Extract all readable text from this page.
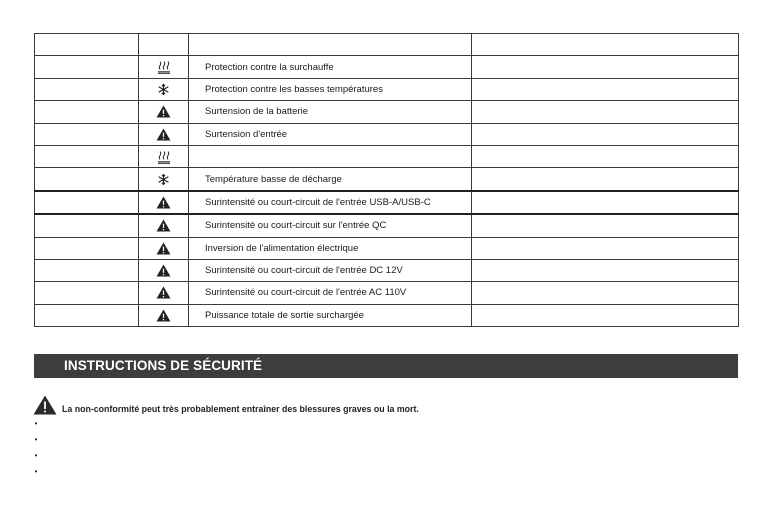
	Protection contre la surchauffe	

	Protection contre les basses températures	

	Surtension de la batterie	

	Surtension d'entrée	

	Température basse de décharge	

	Surintensité ou court-circuit de l'entrée USB-A/USB-C	

	Surintensité ou court-circuit sur l'entrée QC	

	Inversion de l'alimentation électrique	

	Surintensité ou court-circuit de l'entrée DC 12V	

	Surintensité ou court-circuit de l'entrée AC 110V	

	Puissance totale de sortie surchargée	
INSTRUCTIONS DE SÉCURITÉ
La non-conformité peut très probablement entraîner des blessures graves ou la mort.
•
•
•
•
